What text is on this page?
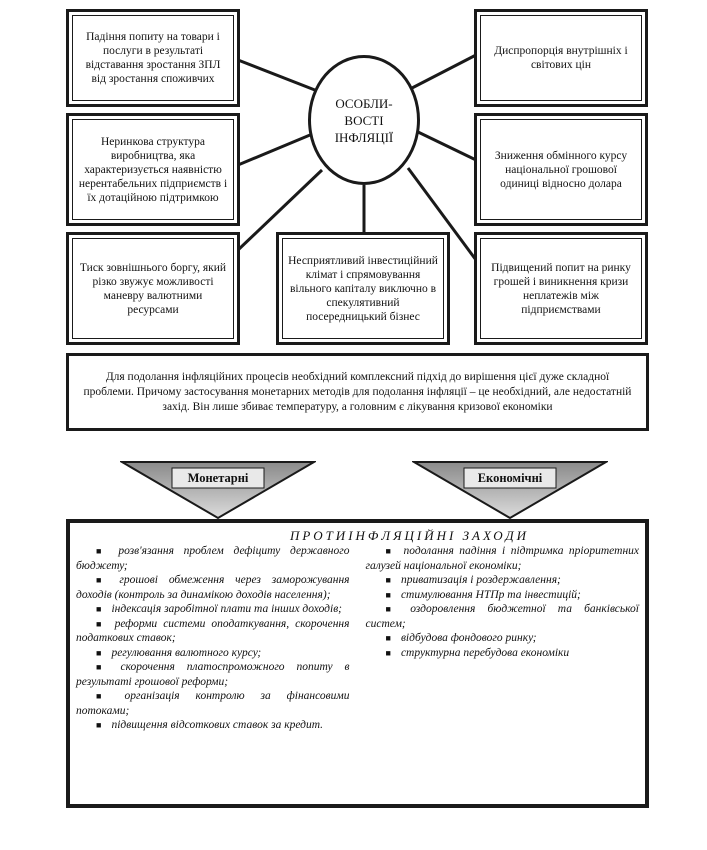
Падіння попиту на товари і послуги в результаті відставання зростання ЗПЛ від зростання споживчих
Диспропорція внутрішніх і світових цін
Неринкова структура виробництва, яка характеризується наявністю нерентабельних підприємств і їх дотаційною підтримкою
Зниження обмінного курсу національної грошової одиниці відносно долара
Тиск зовнішнього боргу, який різко звужує можливості маневру валютними ресурсами
Несприятливий інвестиційний клімат і спрямовування вільного капіталу виключно в спекулятивний посередницький бізнес
Підвищений попит на ринку грошей і виникнення кризи неплатежів між підприємствами
ОСОБЛИ-ВОСТІ ІНФЛЯЦІЇ
Для подолання інфляційних процесів необхідний комплексний підхід до вирішення цієї дуже складної проблеми. Причому застосування монетарних методів для подолання інфляції – це необхідний, але недостатній захід. Він лише збиває температуру, а головним є лікування кризової економіки
Монетарні	Економічні
ПРОТИІНФЛЯЦІЙНІ ЗАХОДИ
■ розв'язання проблем дефіциту державного бюджету;
■ грошові обмеження через заморожування доходів (контроль за динамікою доходів населення);
■ індексація заробітної плати та інших доходів;
■ реформи системи оподаткування, скорочення податкових ставок;
■ регулювання валютного курсу;
■ скорочення платоспроможного попиту в результаті грошової реформи;
■ організація контролю за фінансовими потоками;
■ підвищення відсоткових ставок за кредит.
■ подолання падіння і підтримка пріоритетних галузей національної економіки;
■ приватизація і роздержавлення;
■ стимулювання НТПр та інвестицій;
■ оздоровлення бюджетної та банківської систем;
■ відбудова фондового ринку;
■ структурна перебудова економіки
